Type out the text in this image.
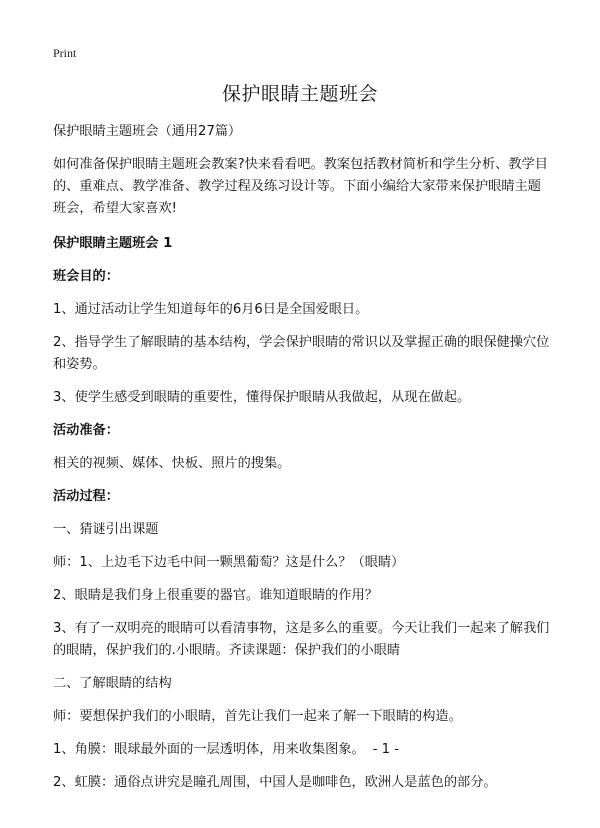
Print
保护眼睛主题班会

保护眼睛主题班会（通用27篇）

如何准备保护眼睛主题班会教案?快来看看吧。教案包括教材简析和学生分析、教学目的、重难点、教学准备、教学过程及练习设计等。下面小编给大家带来保护眼睛主题班会，希望大家喜欢!

保护眼睛主题班会 1

班会目的：

1、通过活动让学生知道每年的6月6日是全国爱眼日。

2、指导学生了解眼睛的基本结构，学会保护眼睛的常识以及掌握正确的眼保健操穴位和姿势。

3、使学生感受到眼睛的重要性，懂得保护眼睛从我做起，从现在做起。

活动准备：

相关的视频、媒体、快板、照片的搜集。

活动过程：

一、猜谜引出课题

师：1、上边毛下边毛中间一颗黑葡萄？这是什么？（眼睛）

2、眼睛是我们身上很重要的器官。谁知道眼睛的作用？

3、有了一双明亮的眼睛可以看清事物，这是多么的重要。今天让我们一起来了解我们的眼睛，保护我们的.小眼睛。齐读课题：保护我们的小眼睛

二、了解眼睛的结构

师：要想保护我们的小眼睛，首先让我们一起来了解一下眼睛的构造。

1、角膜：眼球最外面的一层透明体，用来收集图象。 - 1 -

2、虹膜：通俗点讲究是瞳孔周围，中国人是咖啡色，欧洲人是蓝色的部分。
